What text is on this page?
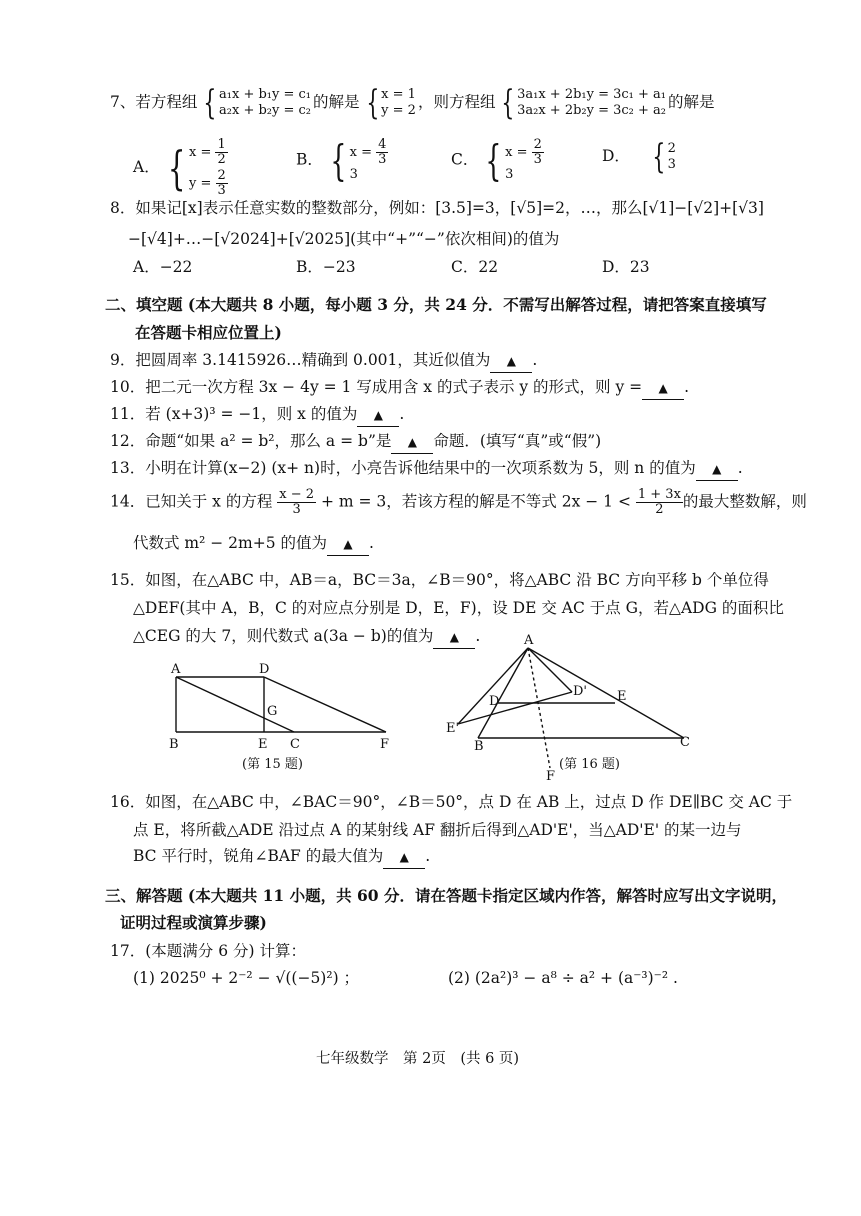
7、若方程组 { a₁x + b₁y = c₁
a₂x + b₂y = c₂ 的解是 { x = 1
y = 2 ，则方程组 { 3a₁x + 2b₁y = 3c₁ + a₁
3a₂x + 2b₂y = 3c₂ + a₂ 的解是
A． { $x = \frac{1}{2}$
$y = \frac{2}{3}$
B． { $x = \frac{4}{3}$
3
C． { $x = \frac{2}{3}$
3
D． { 2
3
8．如果记[x]表示任意实数的整数部分，例如：[3.5]=3，[√5]=2，…，那么[√1]−[√2]+[√3]
−[√4]+…−[√2024]+[√2025](其中“+”“−”依次相间)的值为
A．−22	B．−23	C．22	D．23
二、填空题 (本大题共 8 小题，每小题 3 分，共 24 分．不需写出解答过程，请把答案直接填写
在答题卡相应位置上)
9．把圆周率 3.1415926…精确到 0.001，其近似值为 ▲ .
10．把二元一次方程 3x − 4y = 1 写成用含 x 的式子表示 y 的形式，则 y = ▲ .
11．若 (x+3)³ = −1，则 x 的值为 ▲ .
12．命题“如果 a² = b²，那么 a = b”是 ▲ 命题．(填写“真”或“假”)
13．小明在计算(x−2) (x+ n)时，小亮告诉他结果中的一次项系数为 5，则 n 的值为 ▲ .
14．已知关于 x 的方程 $\frac{x - 2}{3} + m = 3$，若该方程的解是不等式 $2x - 1 < \frac{1 + 3x}{2}$ 的最大整数解，则
代数式 m² − 2m+5 的值为 ▲ .
15．如图，在△ABC 中，AB＝a，BC＝3a，∠B＝90°，将△ABC 沿 BC 方向平移 b 个单位得
△DEF(其中 A，B，C 的对应点分别是 D，E，F)，设 DE 交 AC 于点 G，若△ADG 的面积比
△CEG 的大 7，则代数式 a(3a − b)的值为 ▲ .
A	D
G
B	E C	F
(第 15 题)
A
D
D' E
E'
B	C
F
(第 16 题)
16．如图，在△ABC 中，∠BAC＝90°，∠B＝50°，点 D 在 AB 上，过点 D 作 DE∥BC 交 AC 于
点 E，将所截△ADE 沿过点 A 的某射线 AF 翻折后得到△AD'E'，当△AD'E' 的某一边与
BC 平行时，锐角∠BAF 的最大值为 ▲ .
三、解答题 (本大题共 11 小题，共 60 分．请在答题卡指定区域内作答，解答时应写出文字说明，
证明过程或演算步骤)
17．(本题满分 6 分) 计算：
(1) 2025⁰ + 2⁻² − √((−5)²) ；	(2) (2a²)³ − a⁸ ÷ a² + (a⁻³)⁻² .
七年级数学　第 2页　(共 6 页)
